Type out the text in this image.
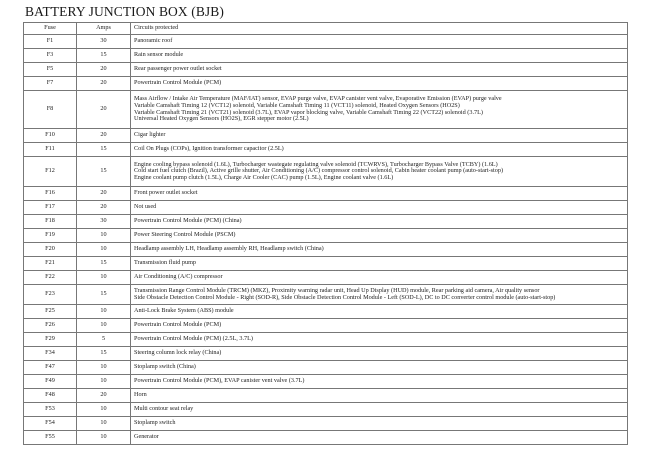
BATTERY JUNCTION BOX (BJB)
Fuse	Amps	Circuits protected
F1	30	Panoramic roof

F3	15	Rain sensor module

F5	20	Rear passenger power outlet socket

F7	20	Powertrain Control Module (PCM)

F8	20	Mass Airflow / Intake Air Temperature (MAF/IAT) sensor, EVAP purge valve, EVAP canister vent valve, Evaporative Emission (EVAP) purge valve
Variable Camshaft Timing 12 (VCT12) solenoid, Variable Camshaft Timing 11 (VCT11) solenoid, Heated Oxygen Sensors (HO2S)
Variable Camshaft Timing 21 (VCT21) solenoid (3.7L), EVAP vapor blocking valve, Variable Camshaft Timing 22 (VCT22) solenoid (3.7L)
Universal Heated Oxygen Sensors (HO2S), EGR stepper motor (2.5L)

F10	20	Cigar lighter

F11	15	Coil On Plugs (COPs), Ignition transformer capacitor (2.5L)

F12	15	Engine cooling bypass solenoid (1.6L), Turbocharger wastegate regulating valve solenoid (TCWRVS), Turbocharger Bypass Valve (TCBY) (1.6L)
Cold start fuel clutch (Brazil), Active grille shutter, Air Conditioning (A/C) compressor control solenoid, Cabin heater coolant pump (auto-start-stop)
Engine coolant pump clutch (1.5L), Charge Air Cooler (CAC) pump (1.5L), Engine coolant valve (1.6L)

F16	20	Front power outlet socket

F17	20	Not used

F18	30	Powertrain Control Module (PCM) (China)

F19	10	Power Steering Control Module (PSCM)

F20	10	Headlamp assembly LH, Headlamp assembly RH, Headlamp switch (China)

F21	15	Transmission fluid pump

F22	10	Air Conditioning (A/C) compressor

F23	15	Transmission Range Control Module (TRCM) (MKZ), Proximity warning radar unit, Head Up Display (HUD) module, Rear parking aid camera, Air quality sensor
Side Obstacle Detection Control Module - Right (SOD-R), Side Obstacle Detection Control Module - Left (SOD-L), DC to DC converter control module (auto-start-stop)

F25	10	Anti-Lock Brake System (ABS) module

F26	10	Powertrain Control Module (PCM)

F29	5	Powertrain Control Module (PCM) (2.5L, 3.7L)

F34	15	Steering column lock relay (China)

F47	10	Stoplamp switch (China)

F49	10	Powertrain Control Module (PCM), EVAP canister vent valve (3.7L)

F48	20	Horn

F53	10	Multi contour seat relay

F54	10	Stoplamp switch

F55	10	Generator
